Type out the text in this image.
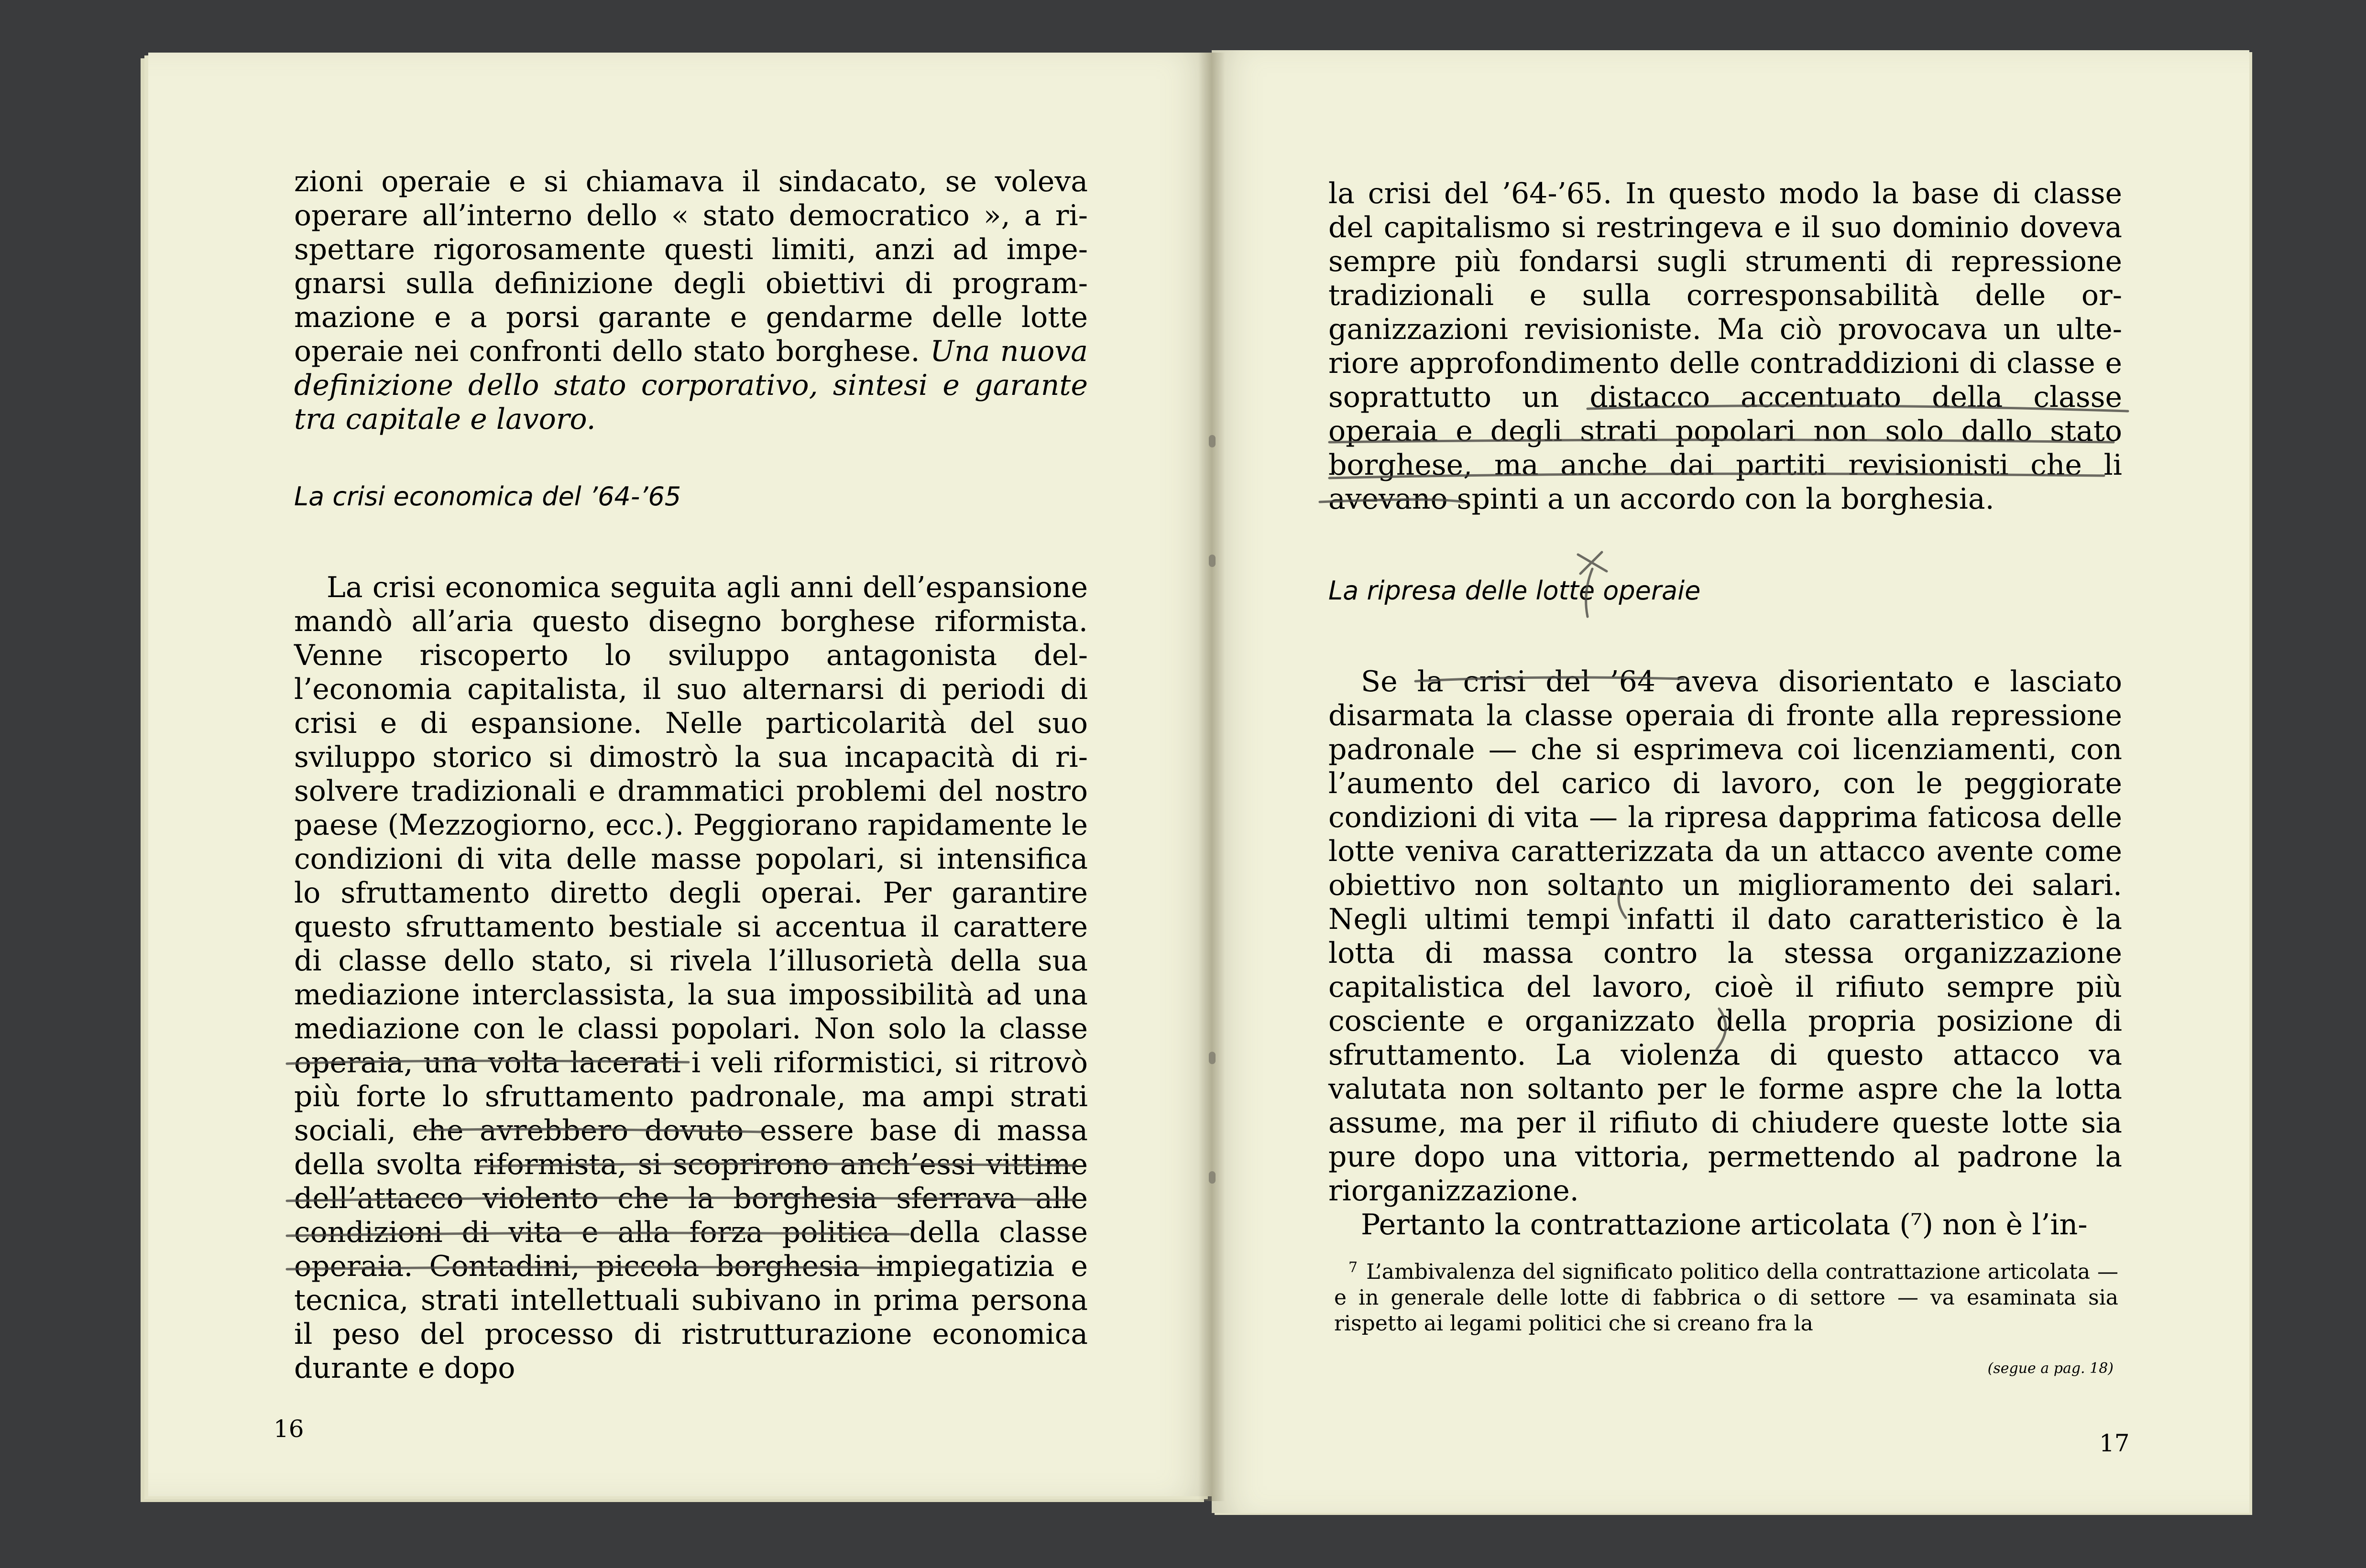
zioni operaie e si chiamava il sindacato, se voleva operare all’interno dello « stato democratico », a rispettare rigorosamente questi limiti, anzi ad impegnarsi sulla definizione degli obiettivi di programmazione e a porsi garante e gendarme delle lotte operaie nei confronti dello stato borghese. Una nuova definizione dello stato corporativo, sintesi e garante tra capitale e lavoro.

La crisi economica del ’64-’65

La crisi economica seguita agli anni dell’espansione mandò all’aria questo disegno borghese riformista. Venne riscoperto lo sviluppo antagonista dell’economia capitalista, il suo alternarsi di periodi di crisi e di espansione. Nelle particolarità del suo sviluppo storico si dimostrò la sua incapacità di risolvere tradizionali e drammatici problemi del nostro paese (Mezzogiorno, ecc.). Peggiorano rapidamente le condizioni di vita delle masse popolari, si intensifica lo sfruttamento diretto degli operai. Per garantire questo sfruttamento bestiale si accentua il carattere di classe dello stato, si rivela l’illusorietà della sua mediazione interclassista, la sua impossibilità ad una mediazione con le classi popolari. Non solo la classe operaia, una volta lacerati i veli riformistici, si ritrovò più forte lo sfruttamento padronale, ma ampi strati sociali, che avrebbero dovuto essere base di massa della svolta riformista, si scoprirono anch’essi vittime dell’attacco violento che la borghesia sferrava alle condizioni di vita e alla forza politica della classe operaia. Contadini, piccola borghesia impiegatizia e tecnica, strati intellettuali subivano in prima persona il peso del processo di ristrutturazione economica durante e dopo

16

la crisi del ’64-’65. In questo modo la base di classe del capitalismo si restringeva e il suo dominio doveva sempre più fondarsi sugli strumenti di repressione tradizionali e sulla corresponsabilità delle organizzazioni revisioniste. Ma ciò provocava un ulteriore approfondimento delle contraddizioni di classe e soprattutto un distacco accentuato della classe operaia e degli strati popolari non solo dallo stato borghese, ma anche dai partiti revisionisti che li avevano spinti a un accordo con la borghesia.

La ripresa delle lotte operaie

Se la crisi del ’64 aveva disorientato e lasciato disarmata la classe operaia di fronte alla repressione padronale — che si esprimeva coi licenziamenti, con l’aumento del carico di lavoro, con le peggiorate condizioni di vita — la ripresa dapprima faticosa delle lotte veniva caratterizzata da un attacco avente come obiettivo non soltanto un miglioramento dei salari. Negli ultimi tempi infatti il dato caratteristico è la lotta di massa contro la stessa organizzazione capitalistica del lavoro, cioè il rifiuto sempre più cosciente e organizzato della propria posizione di sfruttamento. La violenza di questo attacco va valutata non soltanto per le forme aspre che la lotta assume, ma per il rifiuto di chiudere queste lotte sia pure dopo una vittoria, permettendo al padrone la riorganizzazione.

Pertanto la contrattazione articolata (⁷) non è l’in-

$^7$ L’ambivalenza del significato politico della contrattazione articolata — e in generale delle lotte di fabbrica o di settore — va esaminata sia rispetto ai legami politici che si creano fra la

(segue a pag. 18)

17
